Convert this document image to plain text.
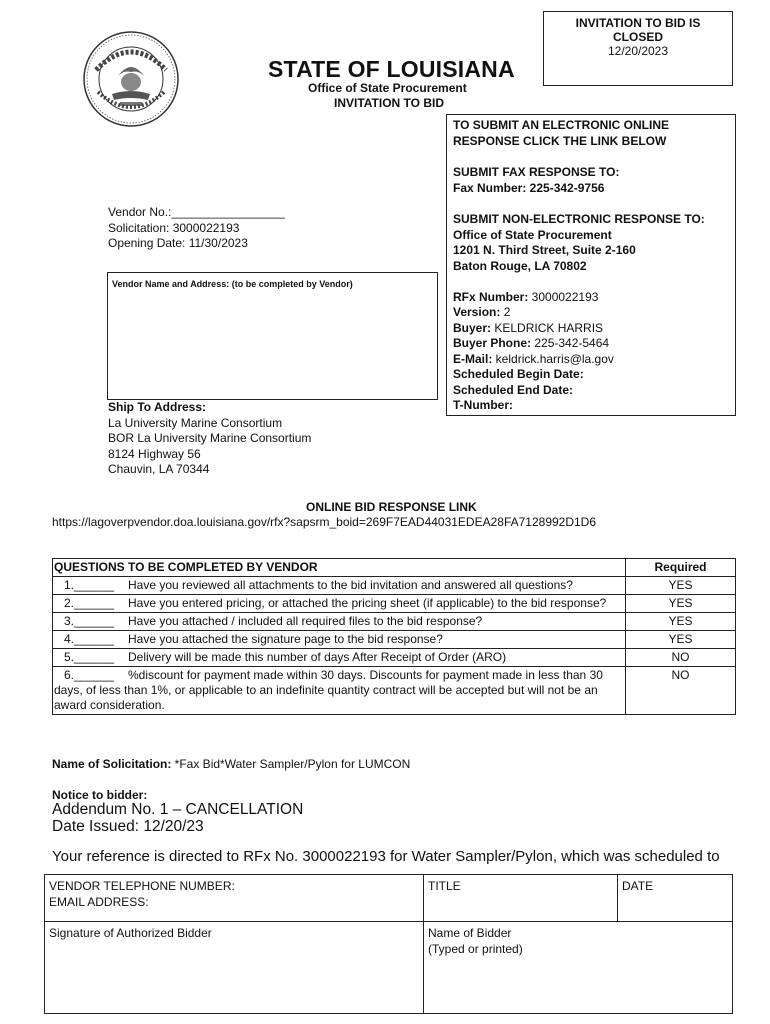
INVITATION TO BID IS
CLOSED
12/20/2023
STATE OF LOUISIANA
Office of State Procurement
INVITATION TO BID
TO SUBMIT AN ELECTRONIC ONLINE
RESPONSE CLICK THE LINK BELOW
SUBMIT FAX RESPONSE TO:
Fax Number: 225-342-9756
SUBMIT NON-ELECTRONIC RESPONSE TO:
Office of State Procurement
1201 N. Third Street, Suite 2-160
Baton Rouge, LA 70802
RFx Number: 3000022193
Version: 2
Buyer: KELDRICK HARRIS
Buyer Phone: 225-342-5464
E-Mail: keldrick.harris@la.gov
Scheduled Begin Date:
Scheduled End Date:
T-Number:
Vendor No.:_________________
Solicitation: 3000022193
Opening Date: 11/30/2023
Vendor Name and Address: (to be completed by Vendor)
Ship To Address:
La University Marine Consortium
BOR La University Marine Consortium
8124 Highway 56
Chauvin, LA 70344
ONLINE BID RESPONSE LINK
https://lagoverpvendor.doa.louisiana.gov/rfx?sapsrm_boid=269F7EAD44031EDEA28FA7128992D1D6
QUESTIONS TO BE COMPLETED BY VENDOR	Required
1.______ Have you reviewed all attachments to the bid invitation and answered all questions?	YES
2.______ Have you entered pricing, or attached the pricing sheet (if applicable) to the bid response?	YES
3.______ Have you attached / included all required files to the bid response?	YES
4.______ Have you attached the signature page to the bid response?	YES
5.______ Delivery will be made this number of days After Receipt of Order (ARO)	NO
6.______ %discount for payment made within 30 days. Discounts for payment made in less than 30 days, of less than 1%, or applicable to an indefinite quantity contract will be accepted but will not be an award consideration.	NO
Name of Solicitation: *Fax Bid*Water Sampler/Pylon for LUMCON
Notice to bidder:
Addendum No. 1 – CANCELLATION
Date Issued: 12/20/23
Your reference is directed to RFx No. 3000022193 for Water Sampler/Pylon, which was scheduled to
VENDOR TELEPHONE NUMBER:
EMAIL ADDRESS:	TITLE	DATE

Signature of Authorized Bidder	Name of Bidder
(Typed or printed)	
